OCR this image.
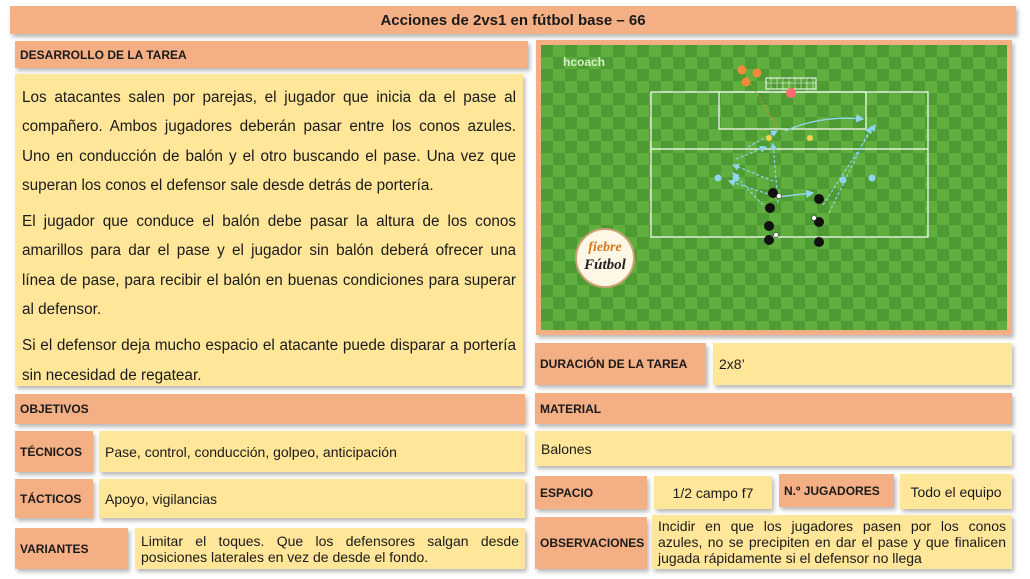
Acciones de 2vs1 en fútbol base – 66
DESARROLLO DE LA TAREA

Los atacantes salen por parejas, el jugador que inicia da el pase al compañero. Ambos jugadores deberán pasar entre los conos azules. Uno en conducción de balón y el otro buscando el pase. Una vez que superan los conos el defensor sale desde detrás de portería.

El jugador que conduce el balón debe pasar la altura de los conos amarillos para dar el pase y el jugador sin balón deberá ofrecer una línea de pase, para recibir el balón en buenas condiciones para superar al defensor.

Si el defensor deja mucho espacio el atacante puede disparar a portería sin necesidad de regatear.

OBJETIVOS
TÉCNICOS	Pase, control, conducción, golpeo, anticipación
TÁCTICOS	Apoyo, vigilancias
VARIANTES	Limitar el toques. Que los defensores salgan desde posiciones laterales en vez de desde el fondo.
hcoach
fiebre
Fútbol
DURACIÓN DE LA TAREA	2x8’
MATERIAL
Balones
ESPACIO	1/2 campo f7	N.º JUGADORES	Todo el equipo
OBSERVACIONES
Incidir en que los jugadores pasen por los conos azules, no se precipiten en dar el pase y que finalicen jugada rápidamente si el defensor no llega
